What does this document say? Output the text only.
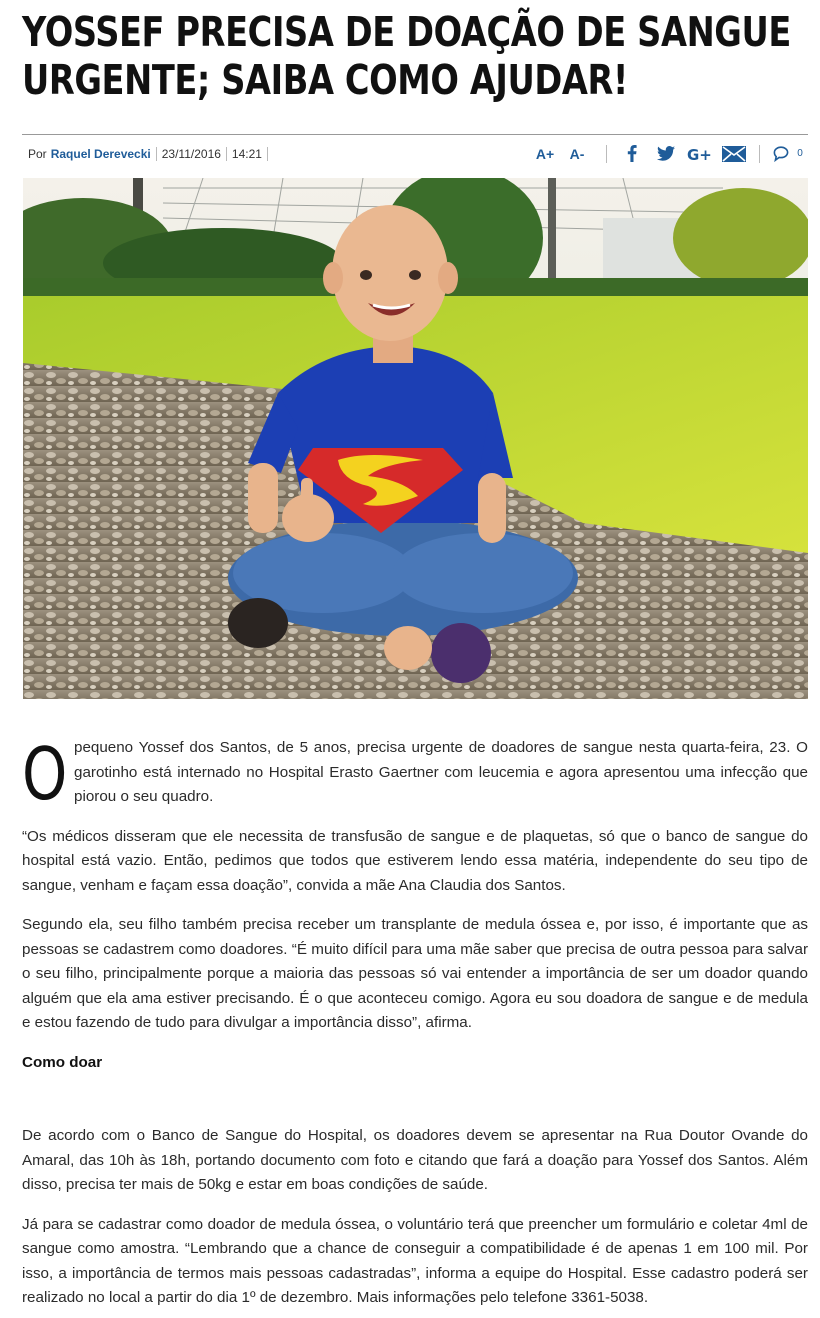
YOSSEF PRECISA DE DOAÇÃO DE SANGUE URGENTE; SAIBA COMO AJUDAR!
Por Raquel Derevecki 23/11/2016 14:21	A+	A-	G+	0
O pequeno Yossef dos Santos, de 5 anos, precisa urgente de doadores de sangue nesta quarta-feira, 23. O garotinho está internado no Hospital Erasto Gaertner com leucemia e agora apresentou uma infecção que piorou o seu quadro.

“Os médicos disseram que ele necessita de transfusão de sangue e de plaquetas, só que o banco de sangue do hospital está vazio. Então, pedimos que todos que estiverem lendo essa matéria, independente do seu tipo de sangue, venham e façam essa doação”, convida a mãe Ana Claudia dos Santos.

Segundo ela, seu filho também precisa receber um transplante de medula óssea e, por isso, é importante que as pessoas se cadastrem como doadores. “É muito difícil para uma mãe saber que precisa de outra pessoa para salvar o seu filho, principalmente porque a maioria das pessoas só vai entender a importância de ser um doador quando alguém que ela ama estiver precisando. É o que aconteceu comigo. Agora eu sou doadora de sangue e de medula e estou fazendo de tudo para divulgar a importância disso”, afirma.

Como doar

De acordo com o Banco de Sangue do Hospital, os doadores devem se apresentar na Rua Doutor Ovande do Amaral, das 10h às 18h, portando documento com foto e citando que fará a doação para Yossef dos Santos. Além disso, precisa ter mais de 50kg e estar em boas condições de saúde.

Já para se cadastrar como doador de medula óssea, o voluntário terá que preencher um formulário e coletar 4ml de sangue como amostra. “Lembrando que a chance de conseguir a compatibilidade é de apenas 1 em 100 mil. Por isso, a importância de termos mais pessoas cadastradas”, informa a equipe do Hospital. Esse cadastro poderá ser realizado no local a partir do dia 1º de dezembro. Mais informações pelo telefone 3361-5038.
